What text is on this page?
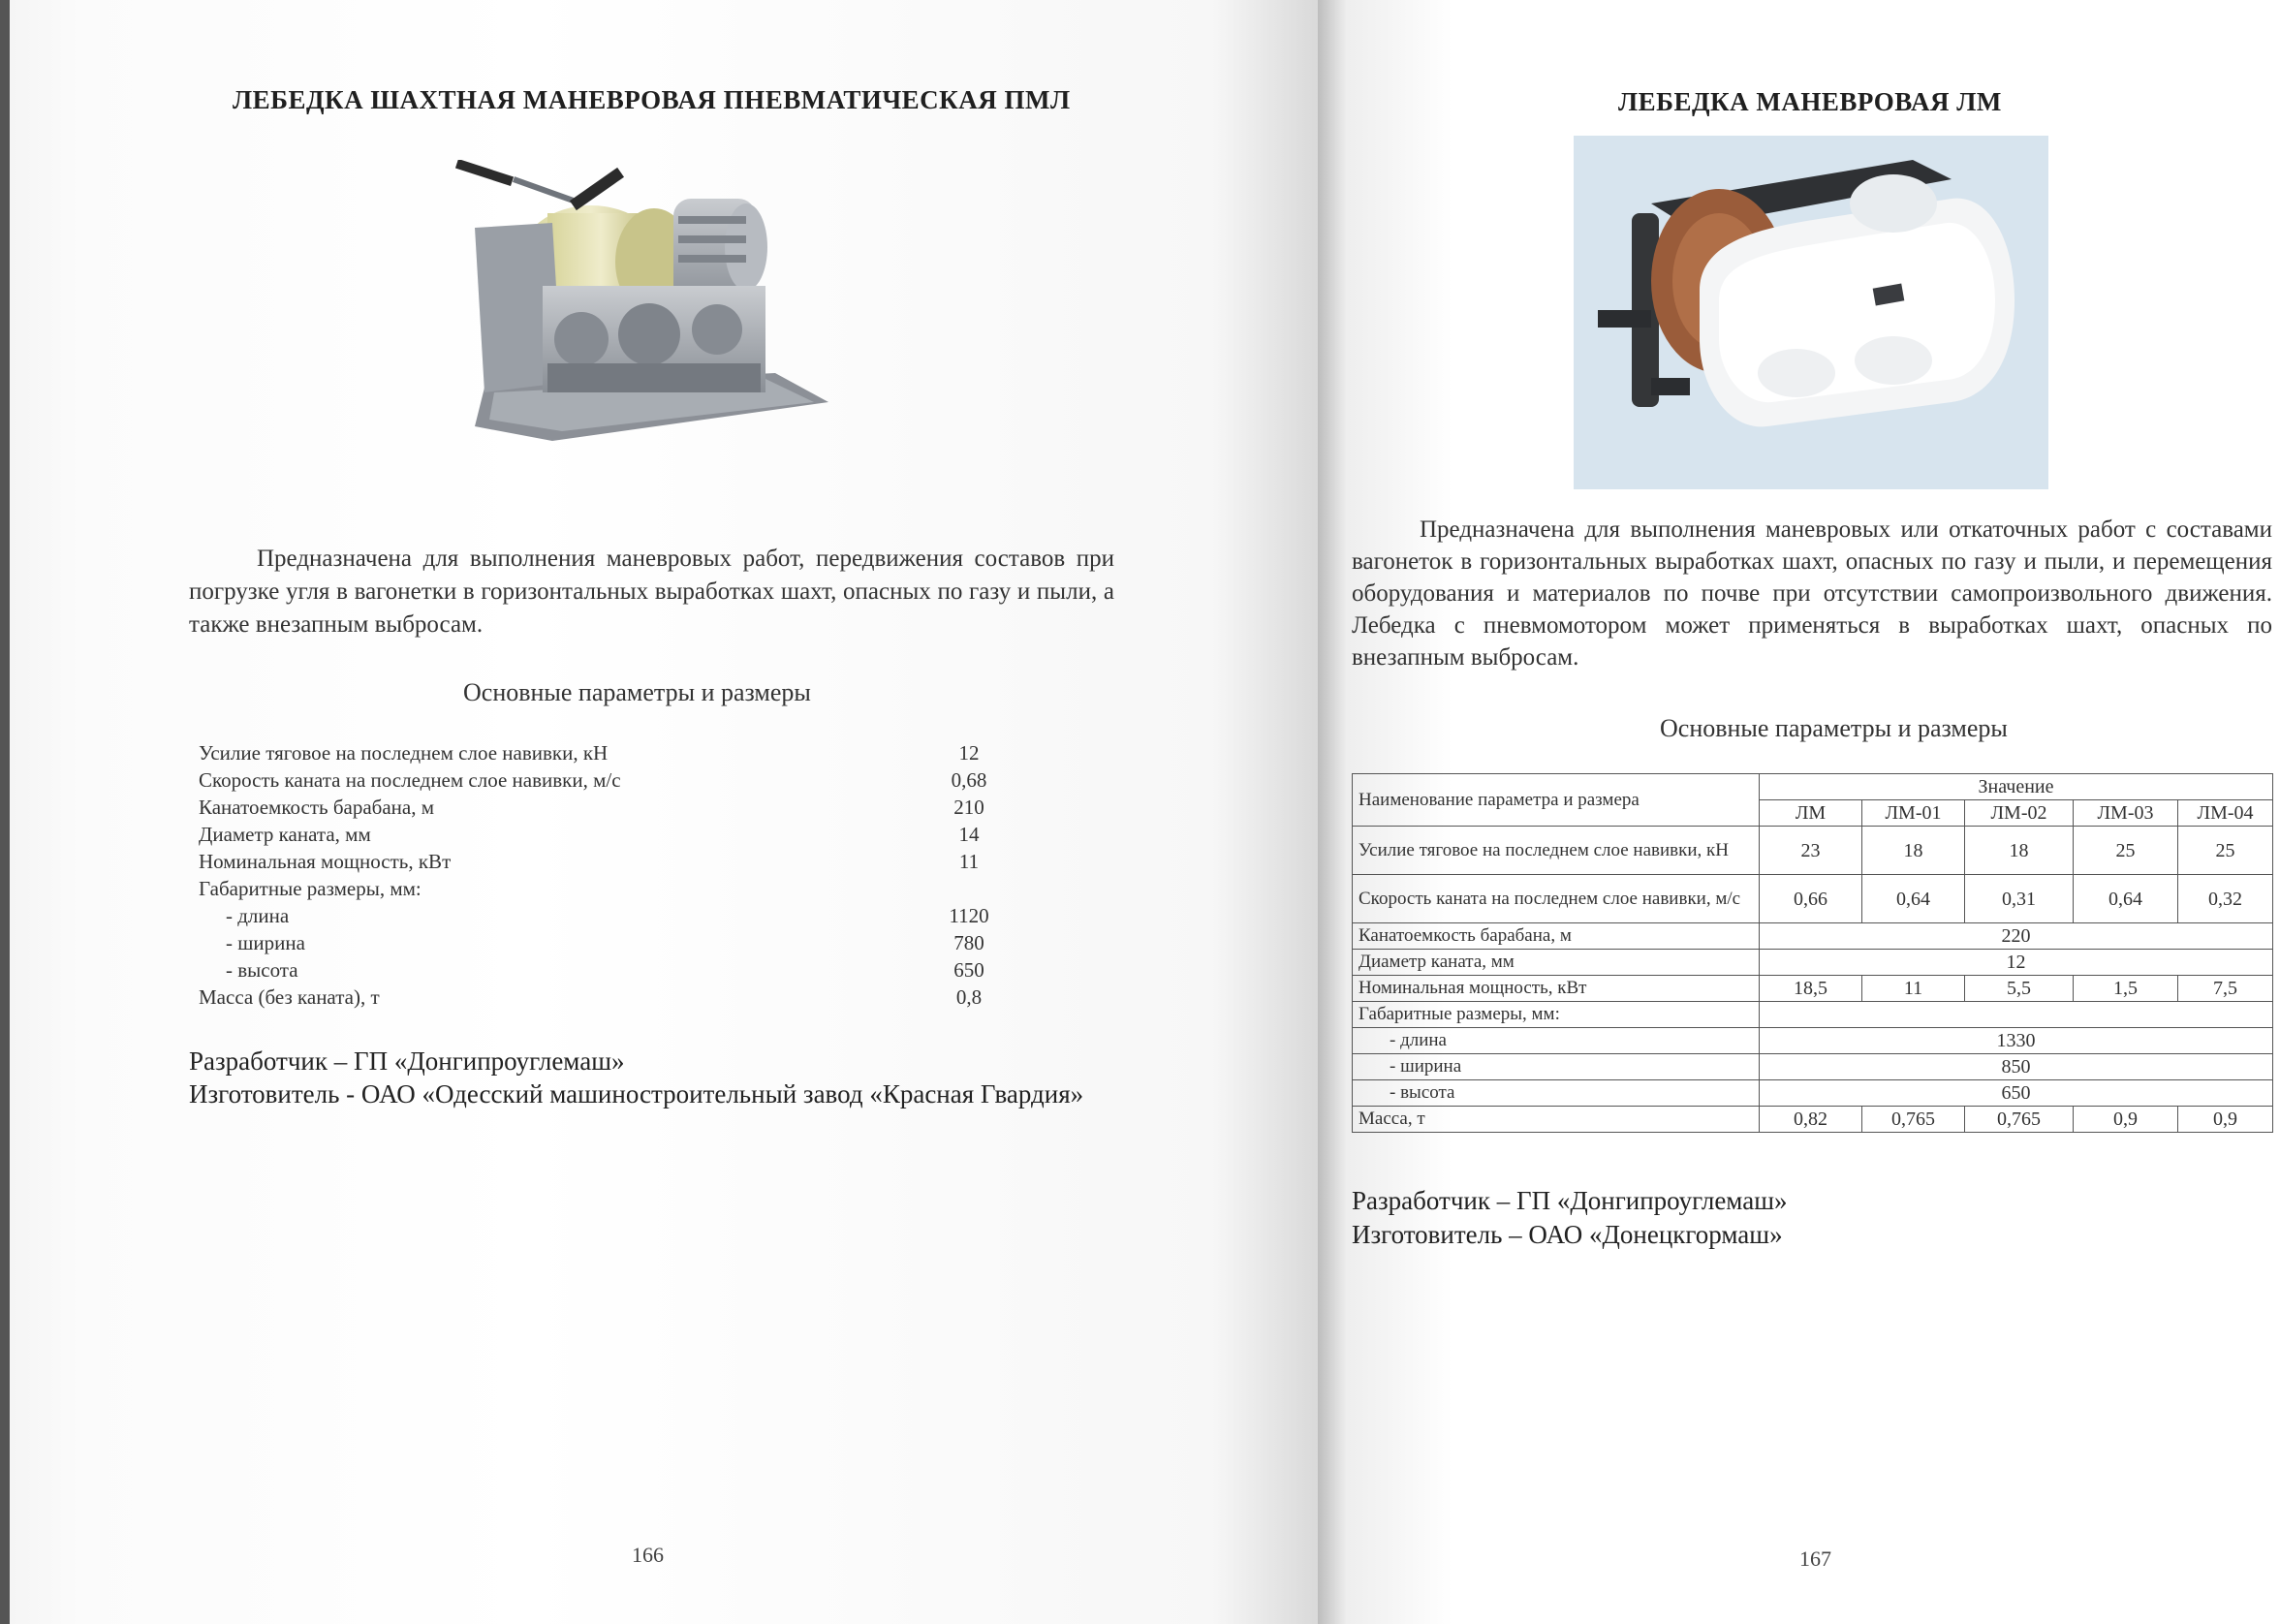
ЛЕБЕДКА ШАХТНАЯ МАНЕВРОВАЯ ПНЕВМАТИЧЕСКАЯ ПМЛ
Предназначена для выполнения маневровых работ, передвижения составов при погрузке угля в вагонетки в горизонтальных выработках шахт, опасных по газу и пыли, а также внезапным выбросам.
Основные параметры и размеры
Усилие тяговое на последнем слое навивки, кН	12
Скорость каната на последнем слое навивки, м/с	0,68
Канатоемкость барабана, м	210
Диаметр каната, мм	14
Номинальная мощность, кВт	11
Габаритные размеры, мм:
- длина	1120
- ширина	780
- высота	650
Масса (без каната), т	0,8
Разработчик – ГП «Донгипроуглемаш»
Изготовитель - ОАО «Одесский машиностроительный завод «Красная Гвардия»
166
ЛЕБЕДКА МАНЕВРОВАЯ ЛМ
Предназначена для выполнения маневровых или откаточных работ с составами вагонеток в горизонтальных выработках шахт, опасных по газу и пыли, и перемещения оборудования и материалов по почве при отсутствии самопроизвольного движения. Лебедка с пневмомотором может применяться в выработках шахт, опасных по внезапным выбросам.
Основные параметры и размеры
Наименование параметра и размера	Значение				
	ЛМ	ЛМ-01	ЛМ-02	ЛМ-03	ЛМ-04
Усилие тяговое на последнем слое навивки, кН	23	18	18	25	25
Скорость каната на последнем слое навивки, м/с	0,66	0,64	0,31	0,64	0,32
Канатоемкость барабана, м	220				
Диаметр каната, мм	12				
Номинальная мощность, кВт	18,5	11	5,5	1,5	7,5
Габаритные размеры, мм:					
- длина	1330				
- ширина	850				
- высота	650				
Масса, т	0,82	0,765	0,765	0,9	0,9
Разработчик – ГП «Донгипроуглемаш»
Изготовитель – ОАО «Донецкгормаш»
167
